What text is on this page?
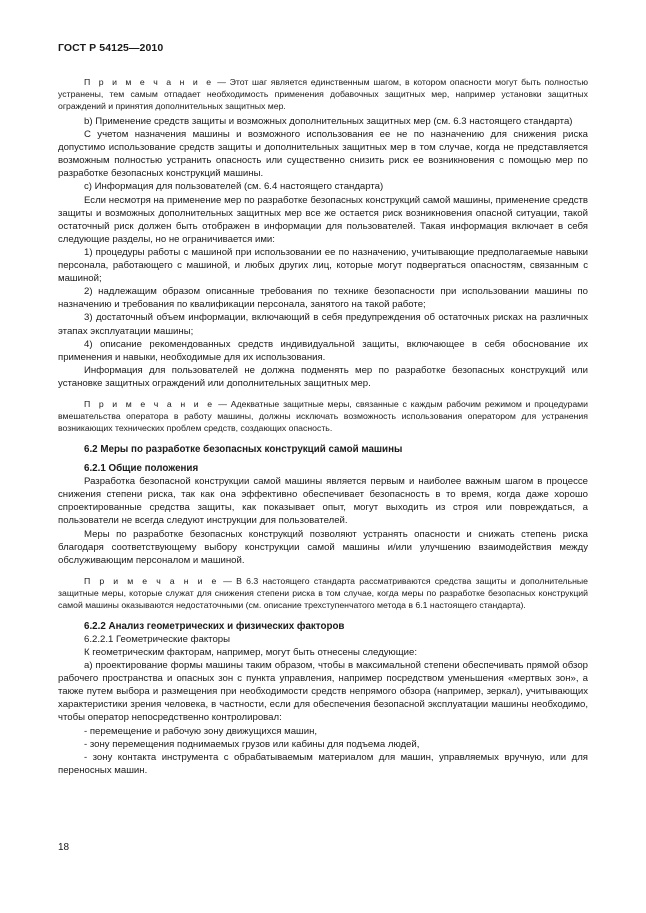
ГОСТ Р 54125—2010

П р и м е ч а н и е — Этот шаг является единственным шагом, в котором опасности могут быть полностью устранены, тем самым отпадает необходимость применения добавочных защитных мер, например установки защитных ограждений и принятия дополнительных защитных мер.

b) Применение средств защиты и возможных дополнительных защитных мер (см. 6.3 настоящего стандарта)

С учетом назначения машины и возможного использования ее не по назначению для снижения риска допустимо использование средств защиты и дополнительных защитных мер в том случае, когда не представляется возможным полностью устранить опасность или существенно снизить риск ее возникновения с помощью мер по разработке безопасных конструкций машины.

c) Информация для пользователей (см. 6.4 настоящего стандарта)

Если несмотря на применение мер по разработке безопасных конструкций самой машины, применение средств защиты и возможных дополнительных защитных мер все же остается риск возникновения опасной ситуации, такой остаточный риск должен быть отображен в информации для пользователей. Такая информация включает в себя следующие разделы, но не ограничивается ими:

1) процедуры работы с машиной при использовании ее по назначению, учитывающие предполагаемые навыки персонала, работающего с машиной, и любых других лиц, которые могут подвергаться опасностям, связанным с машиной;

2) надлежащим образом описанные требования по технике безопасности при использовании машины по назначению и требования по квалификации персонала, занятого на такой работе;

3) достаточный объем информации, включающий в себя предупреждения об остаточных рисках на различных этапах эксплуатации машины;

4) описание рекомендованных средств индивидуальной защиты, включающее в себя обоснование их применения и навыки, необходимые для их использования.

Информация для пользователей не должна подменять мер по разработке безопасных конструкций или установке защитных ограждений или дополнительных защитных мер.

П р и м е ч а н и е — Адекватные защитные меры, связанные с каждым рабочим режимом и процедурами вмешательства оператора в работу машины, должны исключать возможность использования оператором для устранения возникающих технических проблем средств, создающих опасность.

6.2 Меры по разработке безопасных конструкций самой машины
6.2.1 Общие положения

Разработка безопасной конструкции самой машины является первым и наиболее важным шагом в процессе снижения степени риска, так как она эффективно обеспечивает безопасность в то время, когда даже хорошо спроектированные средства защиты, как показывает опыт, могут выходить из строя или повреждаться, а пользователи не всегда следуют инструкции для пользователей.

Меры по разработке безопасных конструкций позволяют устранять опасности и снижать степень риска благодаря соответствующему выбору конструкции самой машины и/или улучшению взаимодействия между обслуживающим персоналом и машиной.

П р и м е ч а н и е — В 6.3 настоящего стандарта рассматриваются средства защиты и дополнительные защитные меры, которые служат для снижения степени риска в том случае, когда меры по разработке безопасных конструкций самой машины оказываются недостаточными (см. описание трехступенчатого метода в 6.1 настоящего стандарта).

6.2.2 Анализ геометрических и физических факторов

6.2.2.1 Геометрические факторы

К геометрическим факторам, например, могут быть отнесены следующие:

а) проектирование формы машины таким образом, чтобы в максимальной степени обеспечивать прямой обзор рабочего пространства и опасных зон с пункта управления, например посредством уменьшения «мертвых зон», а также путем выбора и размещения при необходимости средств непрямого обзора (например, зеркал), учитывающих характеристики зрения человека, в частности, если для обеспечения безопасной эксплуатации машины необходимо, чтобы оператор непосредственно контролировал:

- перемещение и рабочую зону движущихся машин,

- зону перемещения поднимаемых грузов или кабины для подъема людей,

- зону контакта инструмента с обрабатываемым материалом для машин, управляемых вручную, или для переносных машин.

18
